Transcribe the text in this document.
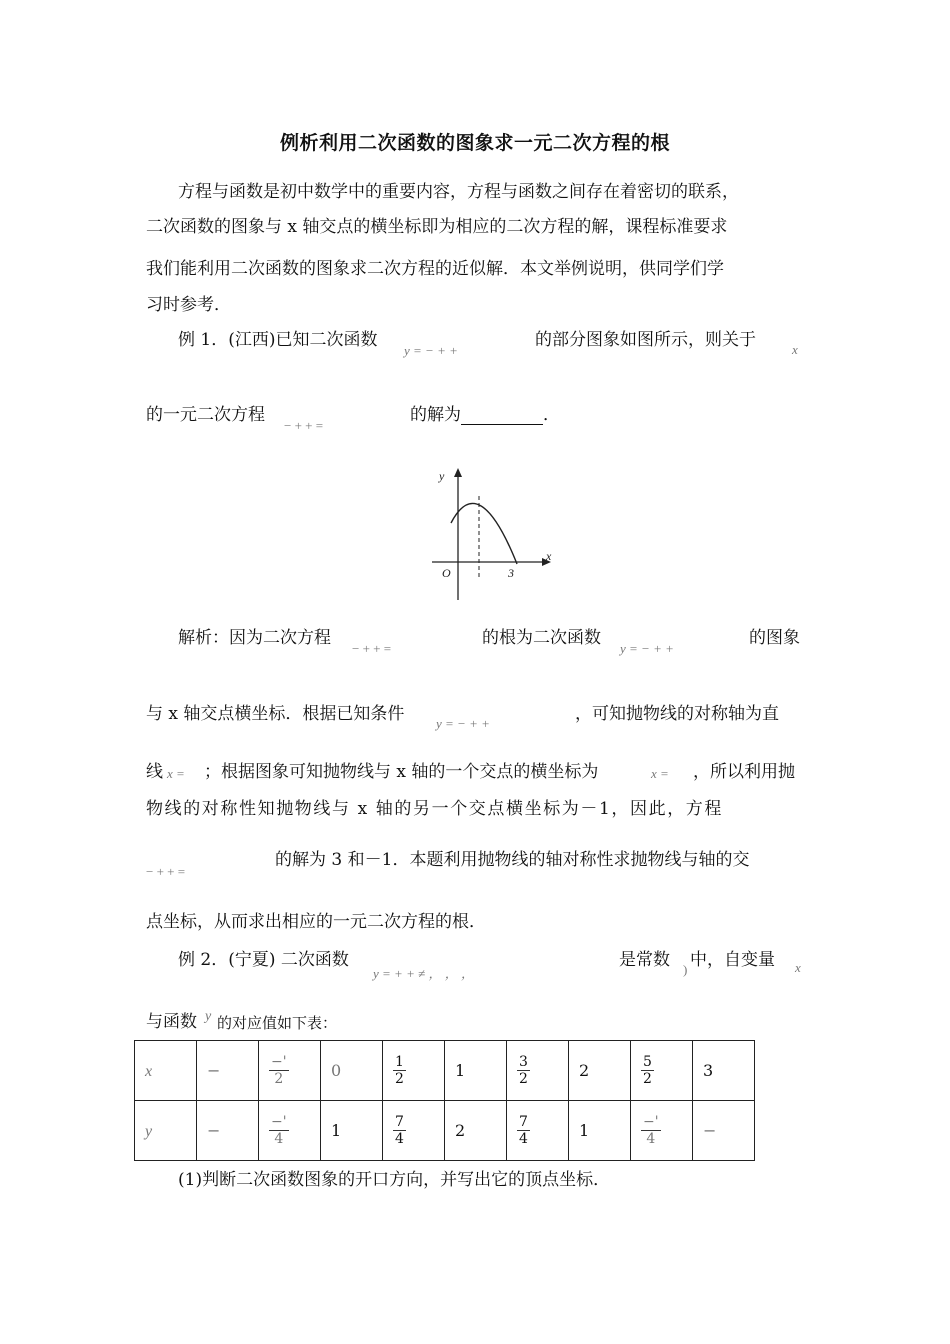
例析利用二次函数的图象求一元二次方程的根
方程与函数是初中数学中的重要内容，方程与函数之间存在着密切的联系，
二次函数的图象与 x 轴交点的横坐标即为相应的二次方程的解，课程标准要求
我们能利用二次函数的图象求二次方程的近似解．本文举例说明，供同学们学
习时参考．
例 1．(江西)已知二次函数
y = − + +
的部分图象如图所示，则关于	x
的一元二次方程
− + + =
的解为	．
y
x
O	3
解析：因为二次方程
− + + =
的根为二次函数
y = − + +
的图象
与 x 轴交点横坐标．根据已知条件 y = − + +	，可知抛物线的对称轴为直
线 x = ；根据图象可知抛物线与 x 轴的一个交点的横坐标为	x = ，所以利用抛
物线的对称性知抛物线与 x 轴的另一个交点横坐标为－1，因此，方程
− + + =
的解为 3 和－1．本题利用抛物线的轴对称性求抛物线与轴的交
点坐标，从而求出相应的一元二次方程的根．
例 2．(宁夏) 二次函数
y = + + ≠ ， ， ，
是常数 ) 中，自变量 x
与函数 y 的对应值如下表：
x	−	$\frac{-'}{2}$	0	$\frac{1}{2}$	1	$\frac{3}{2}$	2	$\frac{5}{2}$	3
y	−	$\frac{-'}{4}$	1	$\frac{7}{4}$	2	$\frac{7}{4}$	1	$\frac{-'}{4}$	−
(1)判断二次函数图象的开口方向，并写出它的顶点坐标．
